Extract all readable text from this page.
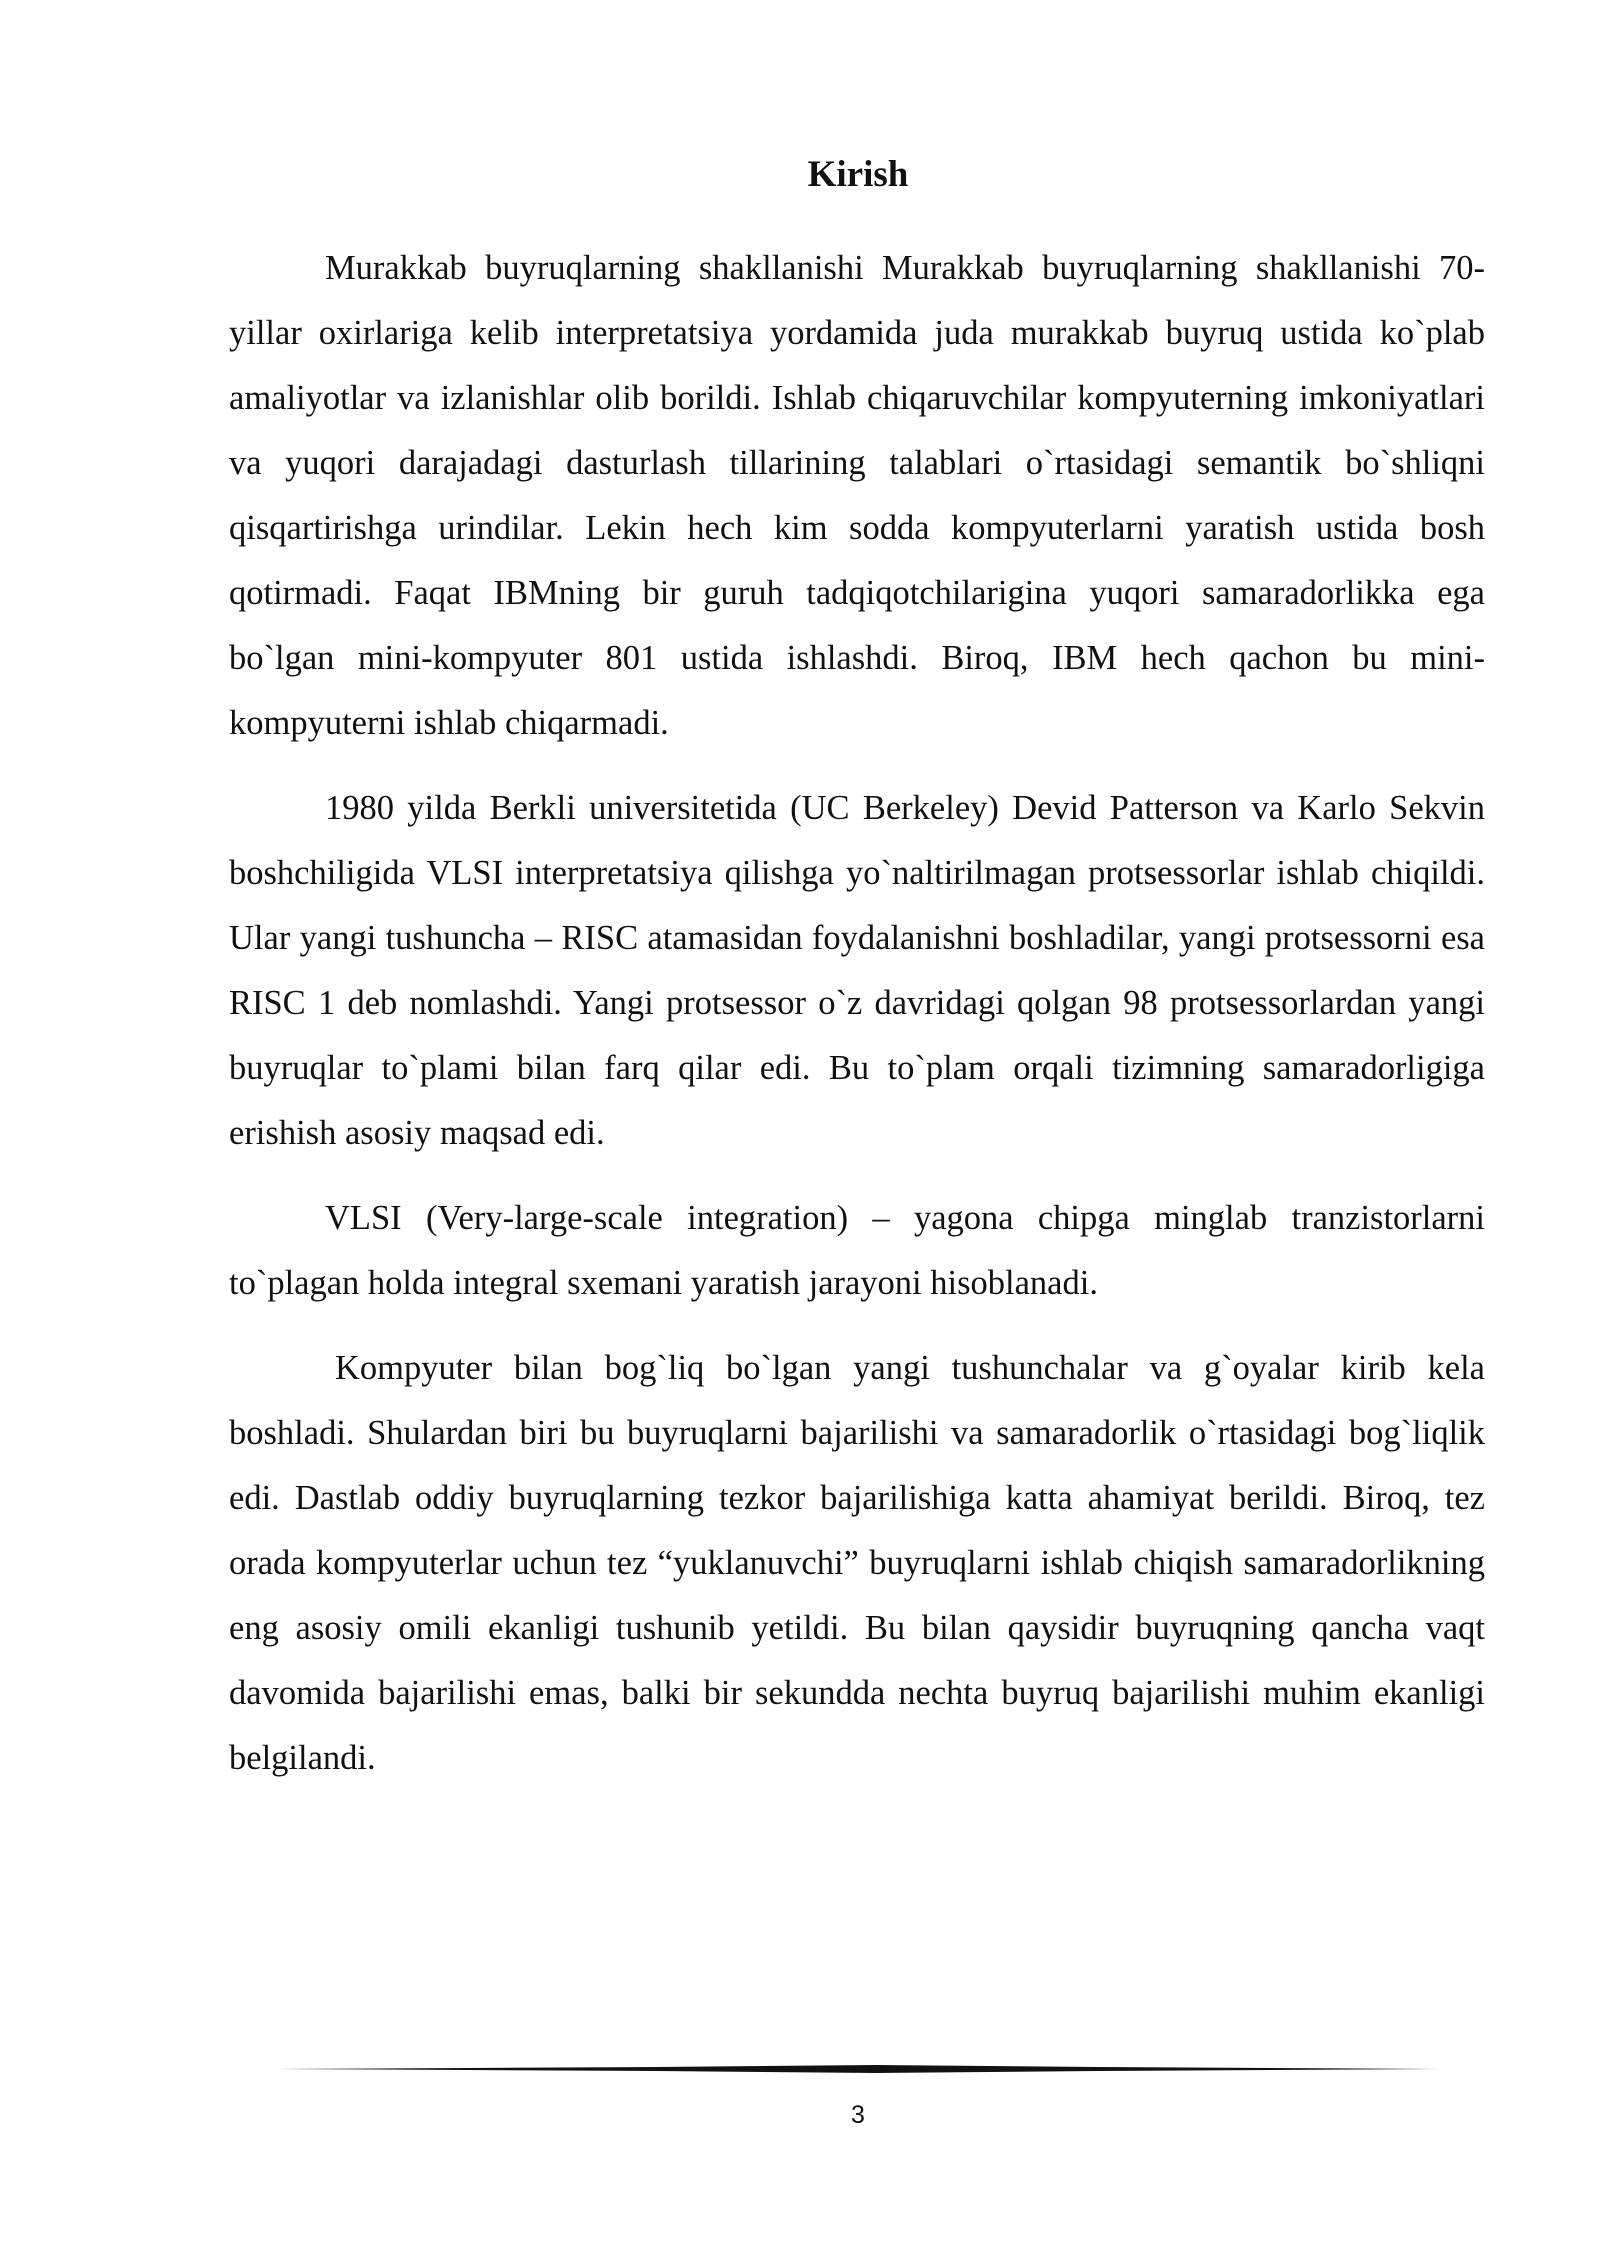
Kirish

Murakkab buyruqlarning shakllanishi Murakkab buyruqlarning shakllanishi 70-yillar oxirlariga kelib interpretatsiya yordamida juda murakkab buyruq ustida ko`plab amaliyotlar va izlanishlar olib borildi. Ishlab chiqaruvchilar kompyuterning imkoniyatlari va yuqori darajadagi dasturlash tillarining talablari o`rtasidagi semantik bo`shliqni qisqartirishga urindilar. Lekin hech kim sodda kompyuterlarni yaratish ustida bosh qotirmadi. Faqat IBMning bir guruh tadqiqotchilarigina yuqori samaradorlikka ega bo`lgan mini-kompyuter 801 ustida ishlashdi. Biroq, IBM hech qachon bu mini-kompyuterni ishlab chiqarmadi.

1980 yilda Berkli universitetida (UC Berkeley) Devid Patterson va Karlo Sekvin boshchiligida VLSI interpretatsiya qilishga yo`naltirilmagan protsessorlar ishlab chiqildi. Ular yangi tushuncha – RISC atamasidan foydalanishni boshladilar, yangi protsessorni esa RISC 1 deb nomlashdi. Yangi protsessor o`z davridagi qolgan 98 protsessorlardan yangi buyruqlar to`plami bilan farq qilar edi. Bu to`plam orqali tizimning samaradorligiga erishish asosiy maqsad edi.

VLSI (Very-large-scale integration) – yagona chipga minglab tranzistorlarni to`plagan holda integral sxemani yaratish jarayoni hisoblanadi.

Kompyuter bilan bog`liq bo`lgan yangi tushunchalar va g`oyalar kirib kela boshladi. Shulardan biri bu buyruqlarni bajarilishi va samaradorlik o`rtasidagi bog`liqlik edi. Dastlab oddiy buyruqlarning tezkor bajarilishiga katta ahamiyat berildi. Biroq, tez orada kompyuterlar uchun tez “yuklanuvchi” buyruqlarni ishlab chiqish samaradorlikning eng asosiy omili ekanligi tushunib yetildi. Bu bilan qaysidir buyruqning qancha vaqt davomida bajarilishi emas, balki bir sekundda nechta buyruq bajarilishi muhim ekanligi belgilandi.

3
